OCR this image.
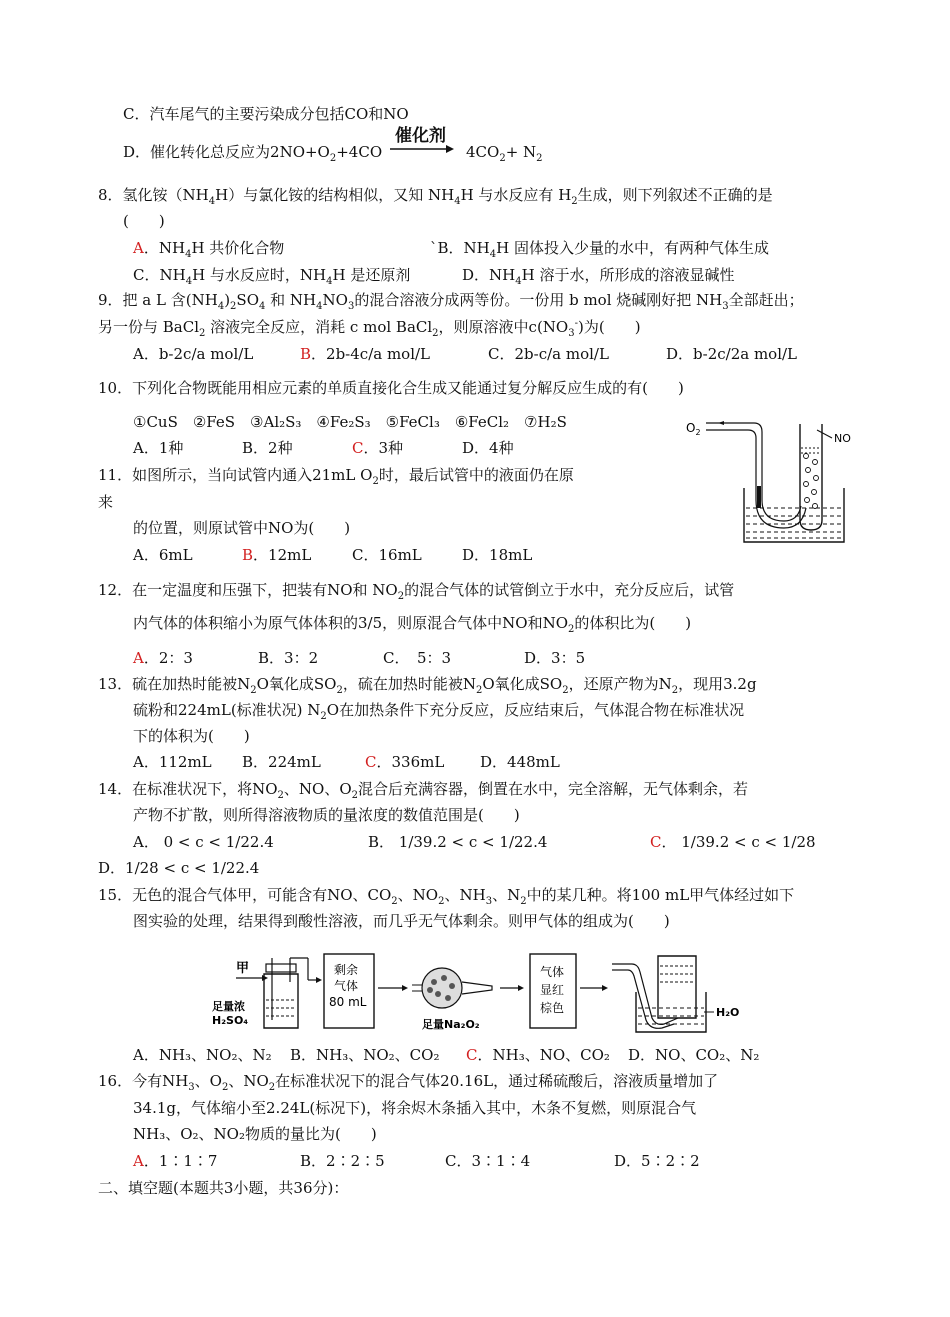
C．汽车尾气的主要污染成分包括CO和NO
D．催化转化总反应为$2NO+O_2+4CO$
催化剂
$4CO_2+ N_2$
8．氢化铵$(NH_4H)$与氯化铵的结构相似，又知 $NH_4H$ 与水反应有 $H_2$生成，则下列叙述不正确的是
(　　)
A．$NH_4H$ 共价化合物	`B．$NH_4H$ 固体投入少量的水中，有两种气体生成
C．$NH_4H$ 与水反应时，$NH_4H$ 是还原剂	D．$NH_4H$ 溶于水，所形成的溶液显碱性
9．把 a L 含$(NH_4)_2SO_4$ 和 $NH_4NO_3$的混合溶液分成两等份。一份用 b mol 烧碱刚好把 $NH_3$全部赶出；
另一份与 BaCl$_2$ 溶液完全反应，消耗 c mol BaCl$_2$，则原溶液中$c(NO_3^-)$为(　　)
A．b-2c/a mol/L	B．2b-4c/a mol/L	C．2b-c/a mol/L	D．b-2c/2a mol/L
10．下列化合物既能用相应元素的单质直接化合生成又能通过复分解反应生成的有(　　)
①CuS　②FeS　③Al₂S₃　④Fe₂S₃　⑤FeCl₃　⑥FeCl₂　⑦H₂S
A．1种	B．2种	C．3种	D．4种
11．如图所示，当向试管内通入21mL $O_2$时，最后试管中的液面仍在原
来
的位置，则原试管中NO为(　　)
A．6mL	B．12mL	C．16mL	D．18mL
$O_2$	NO
12．在一定温度和压强下，把装有NO和 $NO_2$的混合气体的试管倒立于水中，充分反应后，试管
内气体的体积缩小为原气体体积的3/5，则原混合气体中NO和$NO_2$的体积比为(　　)
A．2：3	B．3：2	C．　5：3	D．3：5
13．硫在加热时能被$N_2O$氧化成$SO_2$，硫在加热时能被$N_2O$氧化成$SO_2$，还原产物为$N_2$，现用3.2g
硫粉和224mL(标准状况) $N_2O$在加热条件下充分反应，反应结束后，气体混合物在标准状况
下的体积为(　　)
A．112mL B．224mL	C．336mL D．448mL
14．在标准状况下，将$NO_2$、NO、$O_2$混合后充满容器，倒置在水中，完全溶解，无气体剩余，若
产物不扩散，则所得溶液物质的量浓度的数值范围是(　　)
A． 0 < c < 1/22.4	B． 1/39.2 < c < 1/22.4	C． 1/39.2 < c < 1/28
D．1/28 < c < 1/22.4
15．无色的混合气体甲，可能含有NO、$CO_2$、$NO_2$、$NH_3$、$N_2$中的某几种。将100 mL甲气体经过如下
图实验的处理，结果得到酸性溶液，而几乎无气体剩余。则甲气体的组成为(　　)
甲
足量浓
H₂SO₄
剩余
气体
80 mL
足量Na₂O₂
气体
显红
棕色	H₂O
A．NH₃、NO₂、N₂ B．NH₃、NO₂、CO₂ C．NH₃、NO、CO₂ D．NO、CO₂、N₂
16．今有$NH_3$、$O_2$、$NO_2$在标准状况下的混合气体20.16L，通过稀硫酸后，溶液质量增加了
34.1g，气体缩小至2.24L(标况下)，将余烬木条插入其中，木条不复燃，则原混合气
NH₃、O₂、NO₂物质的量比为(　　)
A．1∶1∶7	B．2∶2∶5	C．3∶1∶4	D．5∶2∶2
二、填空题(本题共3小题，共36分)：
